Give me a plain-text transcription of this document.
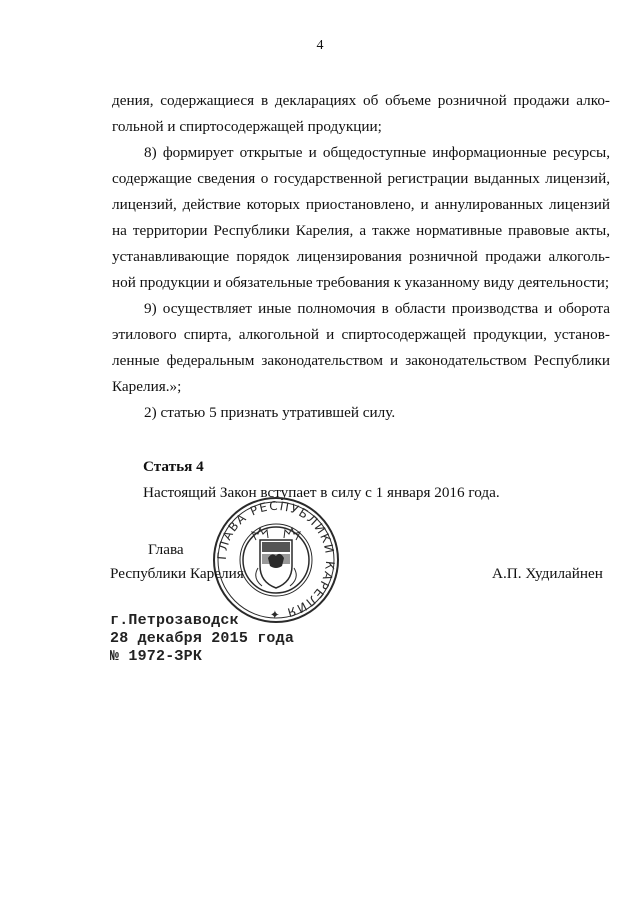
4

дения, содержащиеся в декларациях об объеме розничной продажи алко-
гольной и спиртосодержащей продукции;

8) формирует открытые и общедоступные информационные ресурсы,
содержащие сведения о государственной регистрации выданных лицензий,
лицензий, действие которых приостановлено, и аннулированных лицензий
на территории Республики Карелия, а также нормативные правовые акты,
устанавливающие порядок лицензирования розничной продажи алкоголь-
ной продукции и обязательные требования к указанному виду деятельности;

9) осуществляет иные полномочия в области производства и оборота
этилового спирта, алкогольной и спиртосодержащей продукции, установ-
ленные федеральным законодательством и законодательством Республики
Карелия.»;

2) статью 5 признать утратившей силу.

Статья 4
Настоящий Закон вступает в силу с 1 января 2016 года.
ГЛАВА РЕСПУБЛИКИ КАРЕЛИЯ ✦
Глава
Республики Карелия	А.П. Худилайнен
г.Петрозаводск
28 декабря 2015 года
№ 1972-ЗРК
